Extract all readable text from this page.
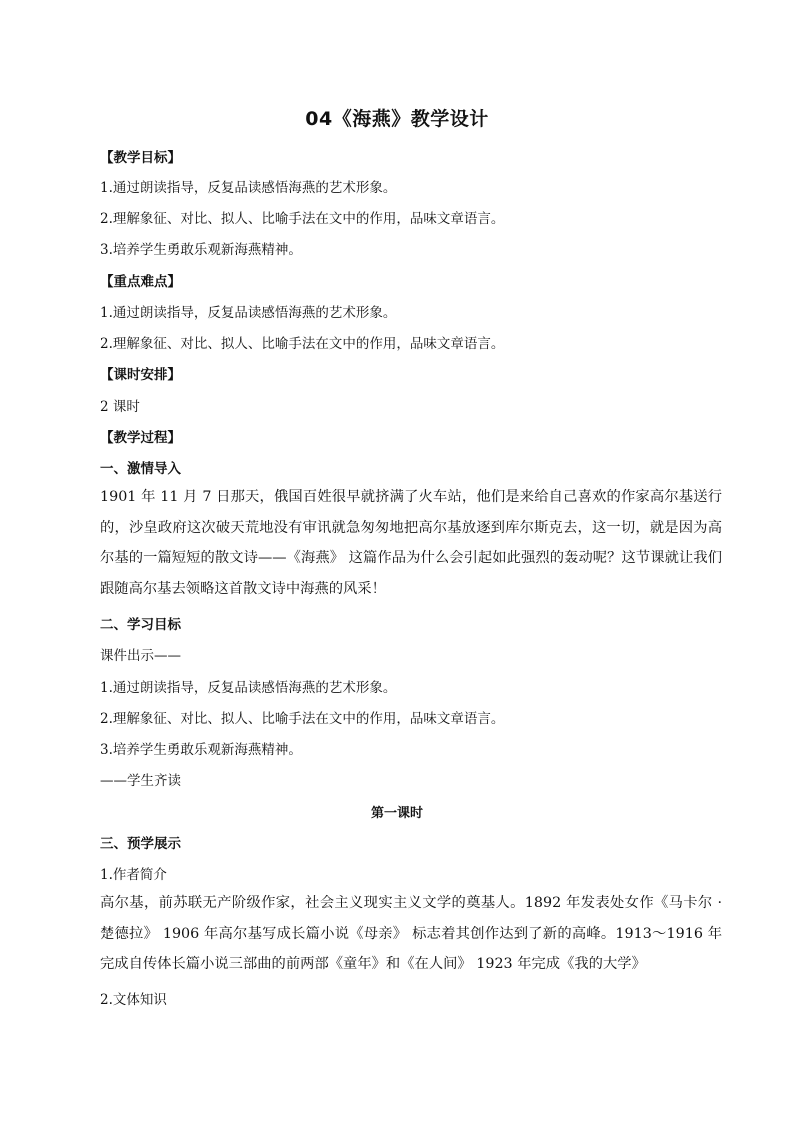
04《海燕》教学设计
【教学目标】
1.通过朗读指导，反复品读感悟海燕的艺术形象。
2.理解象征、对比、拟人、比喻手法在文中的作用，品味文章语言。
3.培养学生勇敢乐观新海燕精神。
【重点难点】
1.通过朗读指导，反复品读感悟海燕的艺术形象。
2.理解象征、对比、拟人、比喻手法在文中的作用，品味文章语言。
【课时安排】
2 课时
【教学过程】
一、激情导入
1901 年 11 月 7 日那天，俄国百姓很早就挤满了火车站，他们是来给自己喜欢的作家高尔基送行的，沙皇政府这次破天荒地没有审讯就急匆匆地把高尔基放逐到库尔斯克去，这一切，就是因为高尔基的一篇短短的散文诗——《海燕》 这篇作品为什么会引起如此强烈的轰动呢？这节课就让我们跟随高尔基去领略这首散文诗中海燕的风采！
二、学习目标
课件出示——
1.通过朗读指导，反复品读感悟海燕的艺术形象。
2.理解象征、对比、拟人、比喻手法在文中的作用，品味文章语言。
3.培养学生勇敢乐观新海燕精神。
——学生齐读
第一课时
三、预学展示
1.作者简介
高尔基，前苏联无产阶级作家，社会主义现实主义文学的奠基人。1892 年发表处女作《马卡尔 · 楚德拉》 1906 年高尔基写成长篇小说《母亲》 标志着其创作达到了新的高峰。1913～1916 年完成自传体长篇小说三部曲的前两部《童年》和《在人间》 1923 年完成《我的大学》
2.文体知识
